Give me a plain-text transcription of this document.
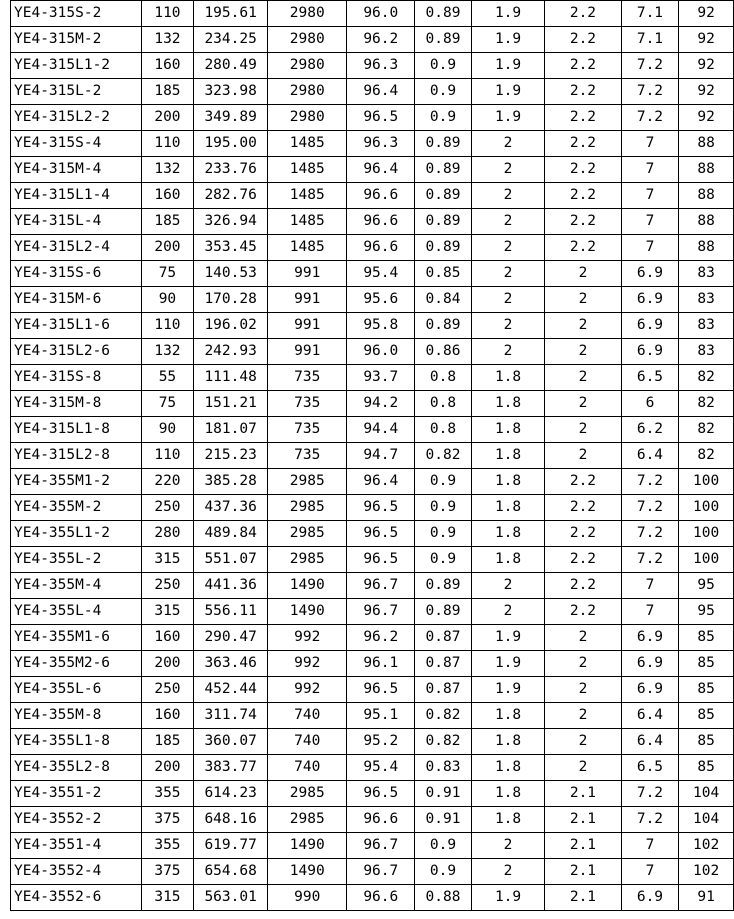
YE4-315S-2	110	195.61	2980	96.0	0.89	1.9	2.2	7.1	92
YE4-315M-2	132	234.25	2980	96.2	0.89	1.9	2.2	7.1	92
YE4-315L1-2	160	280.49	2980	96.3	0.9	1.9	2.2	7.2	92
YE4-315L-2	185	323.98	2980	96.4	0.9	1.9	2.2	7.2	92
YE4-315L2-2	200	349.89	2980	96.5	0.9	1.9	2.2	7.2	92
YE4-315S-4	110	195.00	1485	96.3	0.89	2	2.2	7	88
YE4-315M-4	132	233.76	1485	96.4	0.89	2	2.2	7	88
YE4-315L1-4	160	282.76	1485	96.6	0.89	2	2.2	7	88
YE4-315L-4	185	326.94	1485	96.6	0.89	2	2.2	7	88
YE4-315L2-4	200	353.45	1485	96.6	0.89	2	2.2	7	88
YE4-315S-6	75	140.53	991	95.4	0.85	2	2	6.9	83
YE4-315M-6	90	170.28	991	95.6	0.84	2	2	6.9	83
YE4-315L1-6	110	196.02	991	95.8	0.89	2	2	6.9	83
YE4-315L2-6	132	242.93	991	96.0	0.86	2	2	6.9	83
YE4-315S-8	55	111.48	735	93.7	0.8	1.8	2	6.5	82
YE4-315M-8	75	151.21	735	94.2	0.8	1.8	2	6	82
YE4-315L1-8	90	181.07	735	94.4	0.8	1.8	2	6.2	82
YE4-315L2-8	110	215.23	735	94.7	0.82	1.8	2	6.4	82
YE4-355M1-2	220	385.28	2985	96.4	0.9	1.8	2.2	7.2	100
YE4-355M-2	250	437.36	2985	96.5	0.9	1.8	2.2	7.2	100
YE4-355L1-2	280	489.84	2985	96.5	0.9	1.8	2.2	7.2	100
YE4-355L-2	315	551.07	2985	96.5	0.9	1.8	2.2	7.2	100
YE4-355M-4	250	441.36	1490	96.7	0.89	2	2.2	7	95
YE4-355L-4	315	556.11	1490	96.7	0.89	2	2.2	7	95
YE4-355M1-6	160	290.47	992	96.2	0.87	1.9	2	6.9	85
YE4-355M2-6	200	363.46	992	96.1	0.87	1.9	2	6.9	85
YE4-355L-6	250	452.44	992	96.5	0.87	1.9	2	6.9	85
YE4-355M-8	160	311.74	740	95.1	0.82	1.8	2	6.4	85
YE4-355L1-8	185	360.07	740	95.2	0.82	1.8	2	6.4	85
YE4-355L2-8	200	383.77	740	95.4	0.83	1.8	2	6.5	85
YE4-3551-2	355	614.23	2985	96.5	0.91	1.8	2.1	7.2	104
YE4-3552-2	375	648.16	2985	96.6	0.91	1.8	2.1	7.2	104
YE4-3551-4	355	619.77	1490	96.7	0.9	2	2.1	7	102
YE4-3552-4	375	654.68	1490	96.7	0.9	2	2.1	7	102
YE4-3552-6	315	563.01	990	96.6	0.88	1.9	2.1	6.9	91
